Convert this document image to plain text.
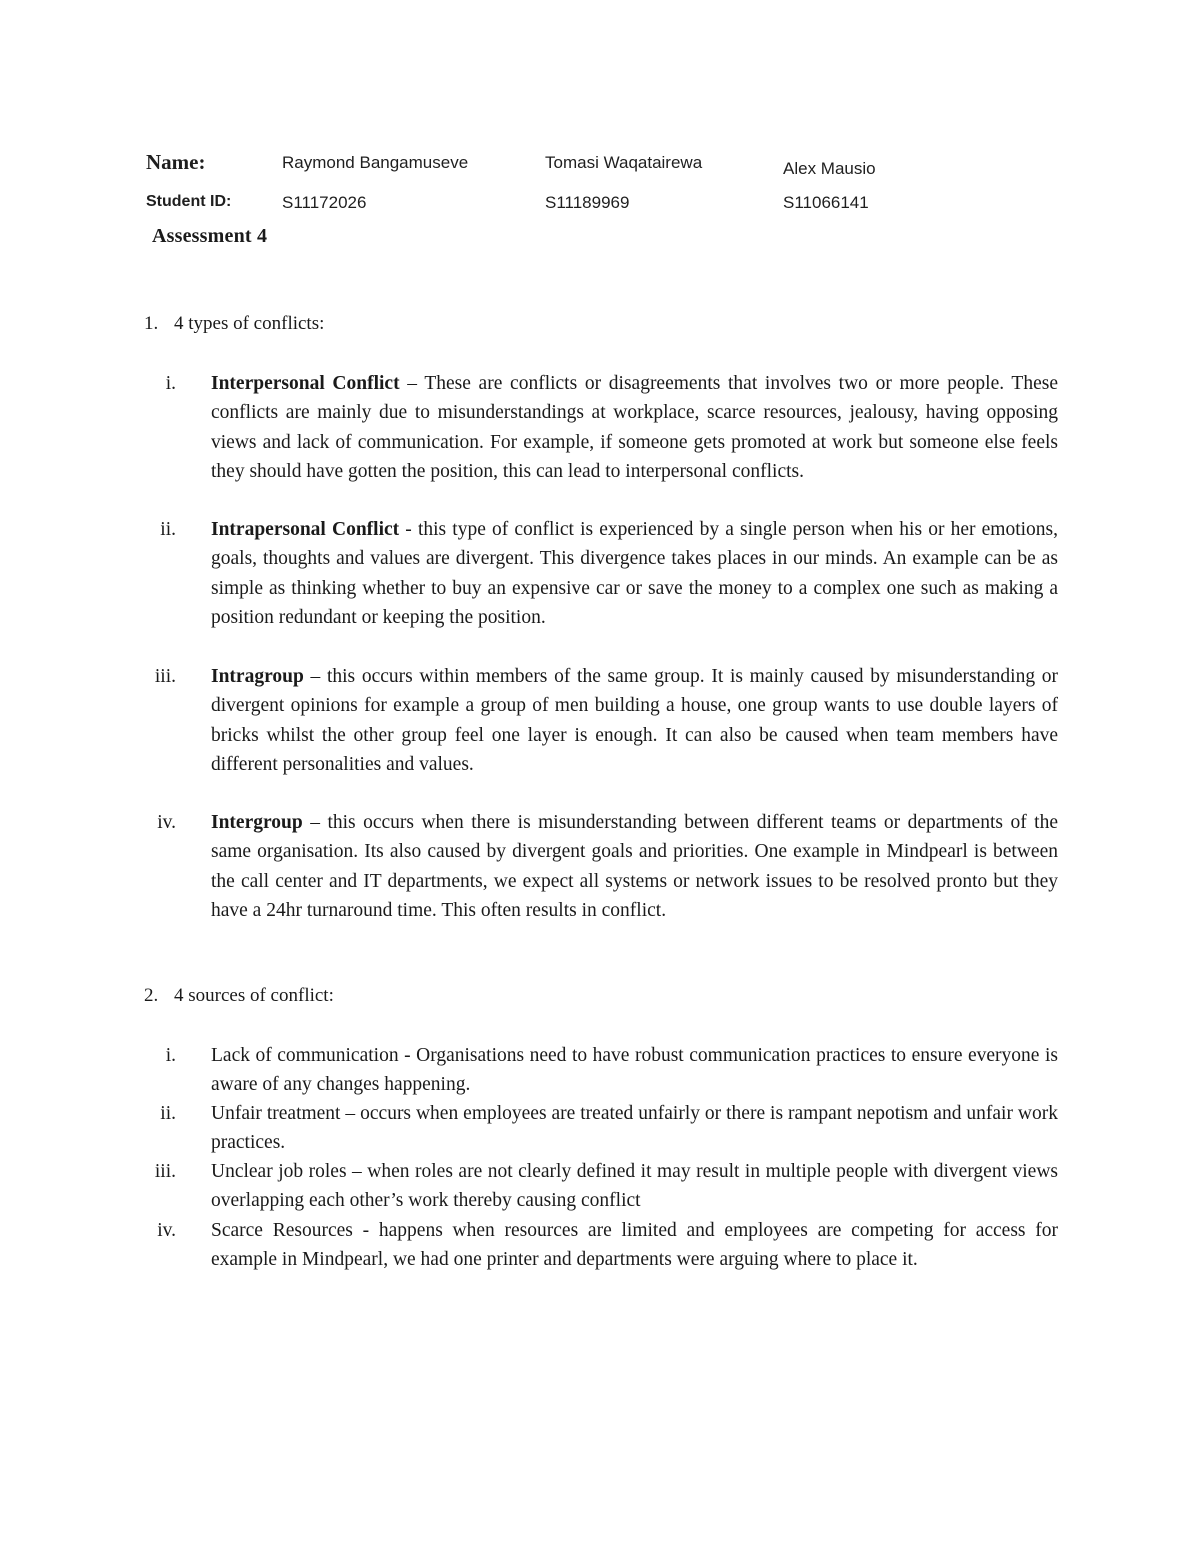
Name:	Raymond Bangamuseve	Tomasi Waqatairewa	Alex Mausio
Student ID:	S11172026	S11189969	S11066141
Assessment 4
1. 4 types of conflicts:
i. Interpersonal Conflict – These are conflicts or disagreements that involves two or more people. These conflicts are mainly due to misunderstandings at workplace, scarce resources, jealousy, having opposing views and lack of communication. For example, if someone gets promoted at work but someone else feels they should have gotten the position, this can lead to interpersonal conflicts.
ii. Intrapersonal Conflict - this type of conflict is experienced by a single person when his or her emotions, goals, thoughts and values are divergent. This divergence takes places in our minds. An example can be as simple as thinking whether to buy an expensive car or save the money to a complex one such as making a position redundant or keeping the position.
iii. Intragroup – this occurs within members of the same group. It is mainly caused by misunderstanding or divergent opinions for example a group of men building a house, one group wants to use double layers of bricks whilst the other group feel one layer is enough. It can also be caused when team members have different personalities and values.
iv. Intergroup – this occurs when there is misunderstanding between different teams or departments of the same organisation. Its also caused by divergent goals and priorities. One example in Mindpearl is between the call center and IT departments, we expect all systems or network issues to be resolved pronto but they have a 24hr turnaround time. This often results in conflict.
2. 4 sources of conflict:
i. Lack of communication - Organisations need to have robust communication practices to ensure everyone is aware of any changes happening.
ii. Unfair treatment – occurs when employees are treated unfairly or there is rampant nepotism and unfair work practices.
iii. Unclear job roles – when roles are not clearly defined it may result in multiple people with divergent views overlapping each other’s work thereby causing conflict
iv. Scarce Resources - happens when resources are limited and employees are competing for access for example in Mindpearl, we had one printer and departments were arguing where to place it.
